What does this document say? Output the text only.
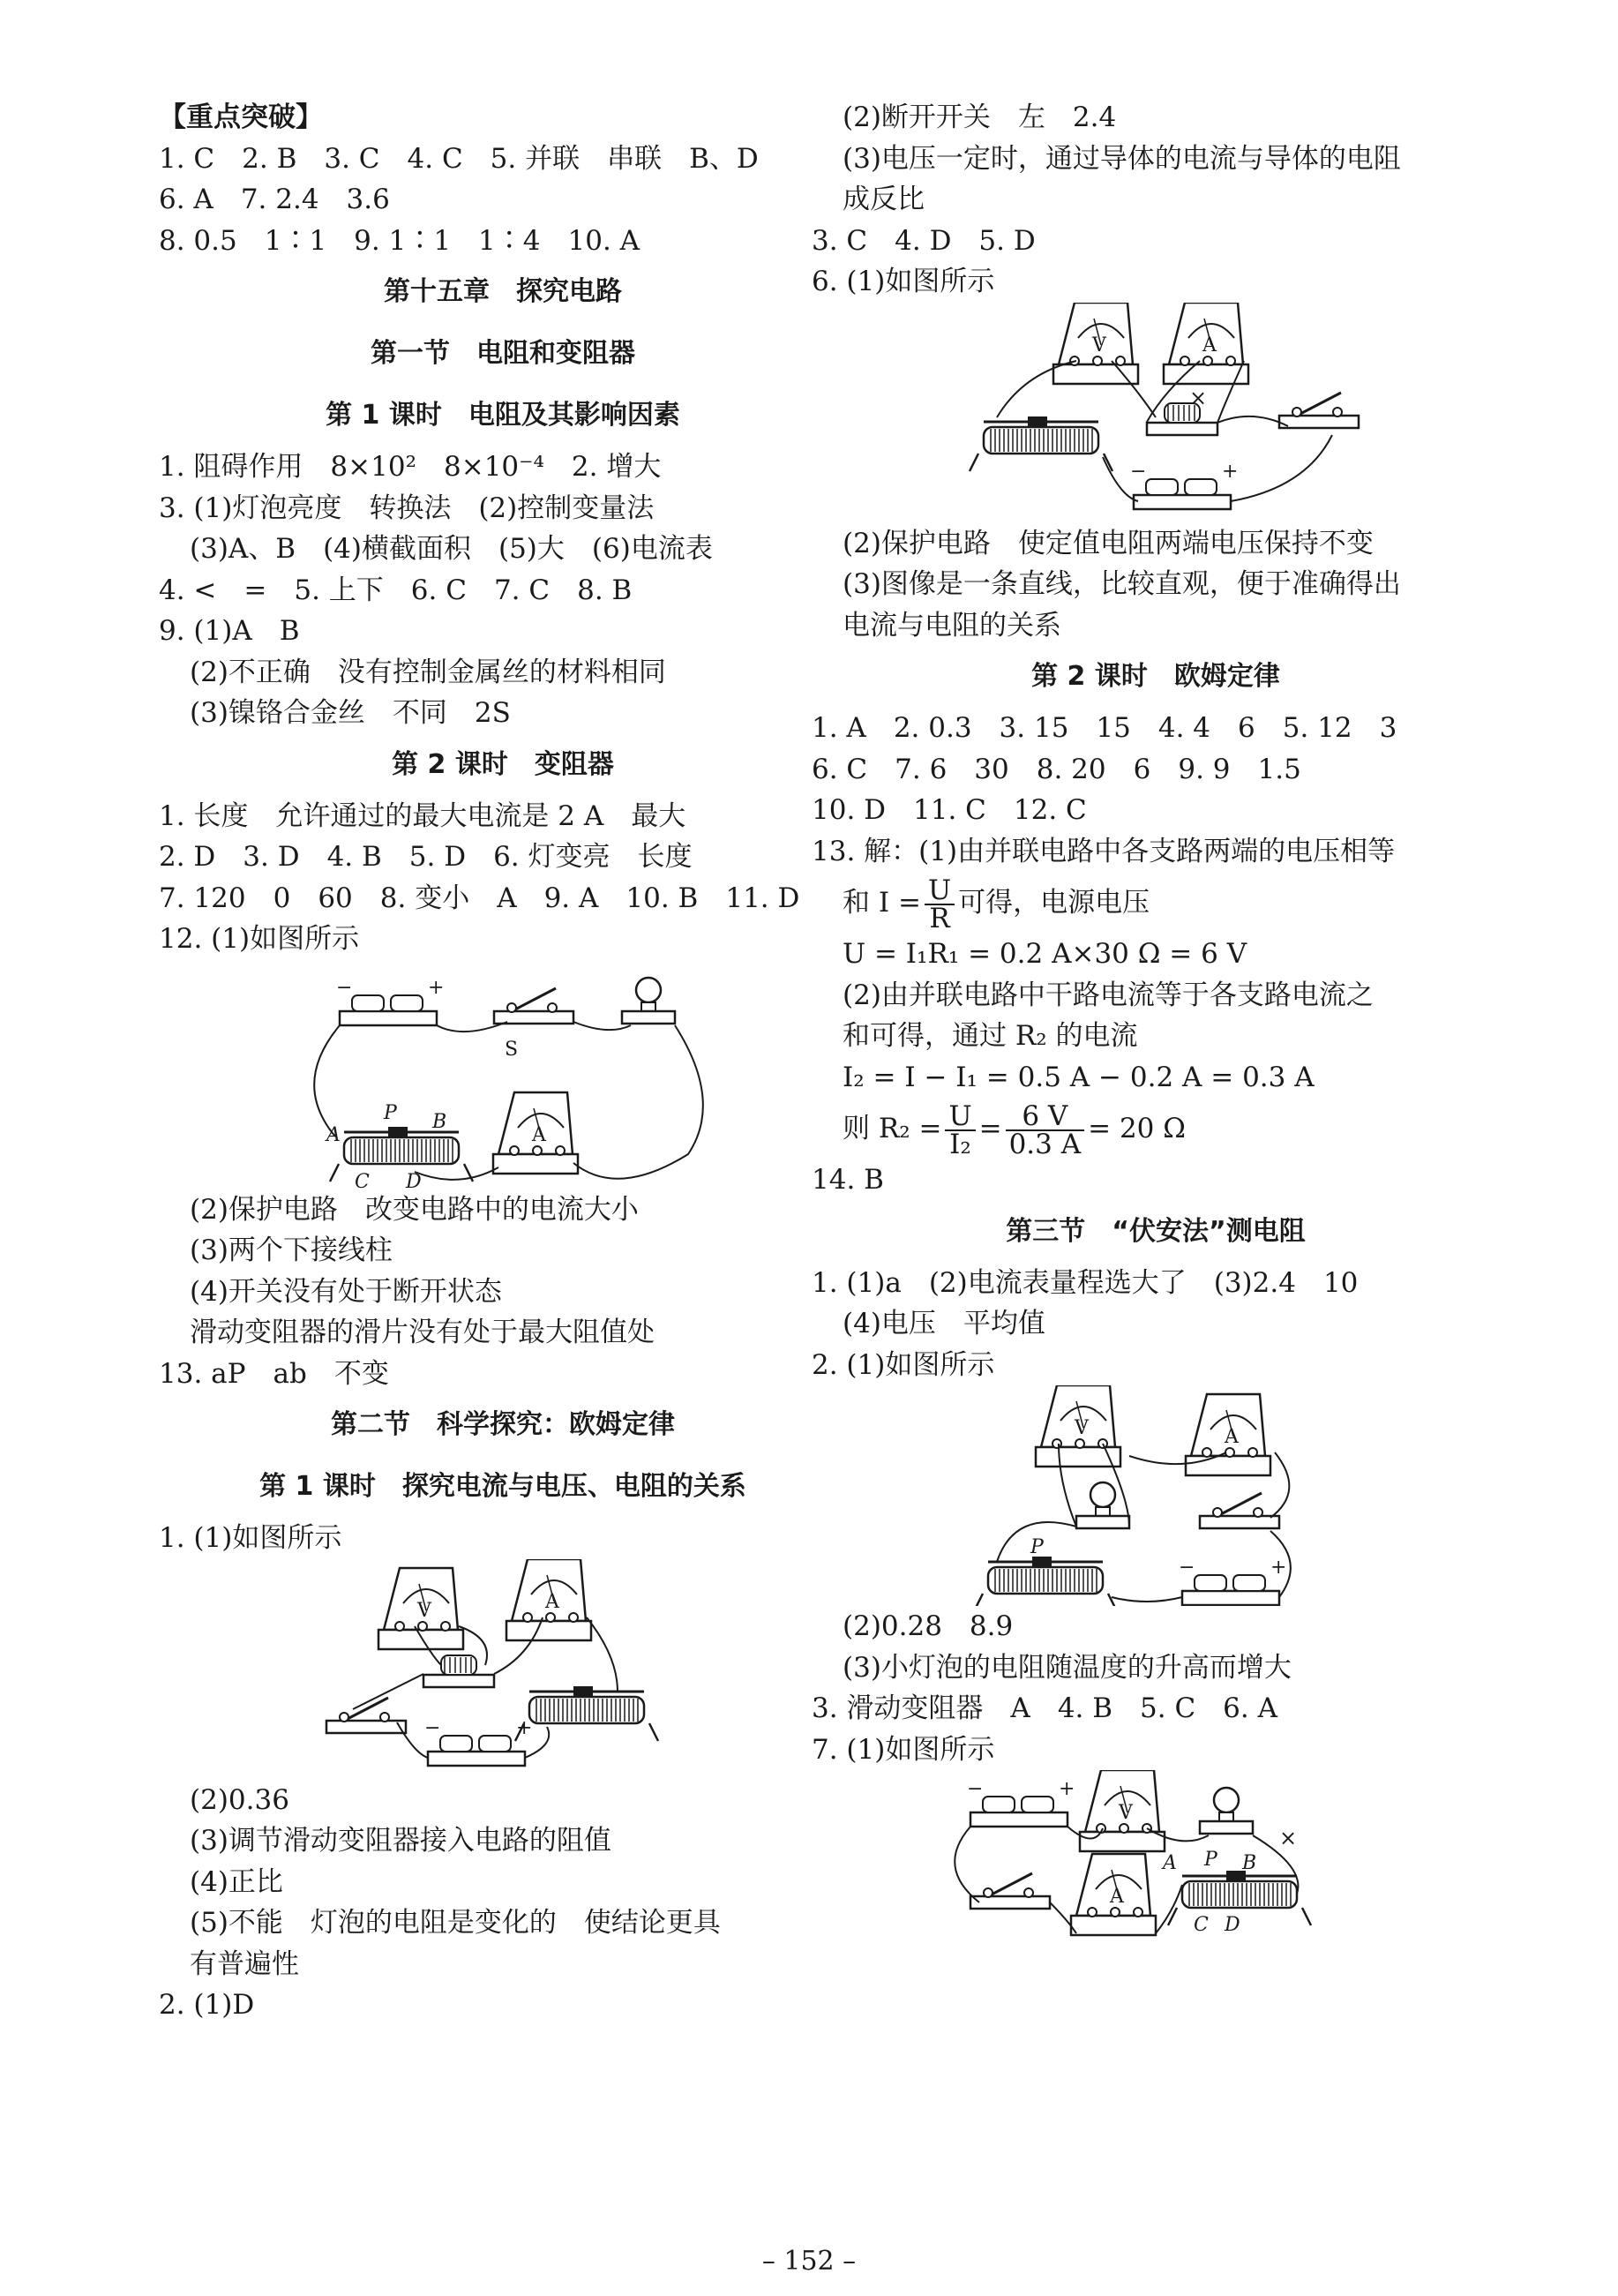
【重点突破】
1. C　2. B　3. C　4. C　5. 并联　串联　B、D
6. A　7. 2.4　3.6
8. 0.5　1∶1　9. 1∶1　1∶4　10. A
第十五章　探究电路
第一节　电阻和变阻器
第 1 课时　电阻及其影响因素
1. 阻碍作用　8×10²　8×10⁻⁴　2. 增大
3. (1)灯泡亮度　转换法　(2)控制变量法
(3)A、B　(4)横截面积　(5)大　(6)电流表
4. <　=　5. 上下　6. C　7. C　8. B
9. (1)A　B
(2)不正确　没有控制金属丝的材料相同
(3)镍铬合金丝　不同　2S
第 2 课时　变阻器
1. 长度　允许通过的最大电流是 2 A　最大
2. D　3. D　4. B　5. D　6. 灯变亮　长度
7. 120　0　60　8. 变小　A　9. A　10. B　11. D
12. (1)如图所示
−	+
S
A
P B
C D
A
(2)保护电路　改变电路中的电流大小
(3)两个下接线柱
(4)开关没有处于断开状态
滑动变阻器的滑片没有处于最大阻值处
13. aP　ab　不变
第二节　科学探究：欧姆定律
第 1 课时　探究电流与电压、电阻的关系
1. (1)如图所示
V	A
−	+
(2)0.36
(3)调节滑动变阻器接入电路的阻值
(4)正比
(5)不能　灯泡的电阻是变化的　使结论更具
有普遍性
2. (1)D
(2)断开开关　左　2.4
(3)电压一定时，通过导体的电流与导体的电阻
成反比
3. C　4. D　5. D
6. (1)如图所示
V	A
−	+
×
(2)保护电路　使定值电阻两端电压保持不变
(3)图像是一条直线，比较直观，便于准确得出
电流与电阻的关系
第 2 课时　欧姆定律
1. A　2. 0.3　3. 15　15　4. 4　6　5. 12　3
6. C　7. 6　30　8. 20　6　9. 9　1.5
10. D　11. C　12. C
13. 解：(1)由并联电路中各支路两端的电压相等
和 $I = \frac{U}{R}$ 可得，电源电压
U = I₁R₁ = 0.2 A×30 Ω = 6 V
(2)由并联电路中干路电流等于各支路电流之
和可得，通过 R₂ 的电流
I₂ = I − I₁ = 0.5 A − 0.2 A = 0.3 A
则 $R_2 = \frac{U}{\text{I₂}} = \frac{6 V}{0.3 A} = 20$ Ω
14. B
第三节　“伏安法”测电阻
1. (1)a　(2)电流表量程选大了　(3)2.4　10
(4)电压　平均值
2. (1)如图所示
V	A
P
−	+
(2)0.28　8.9
(3)小灯泡的电阻随温度的升高而增大
3. 滑动变阻器　A　4. B　5. C　6. A
7. (1)如图所示
−	+
V
A
A P B
C D
×
– 152 –
